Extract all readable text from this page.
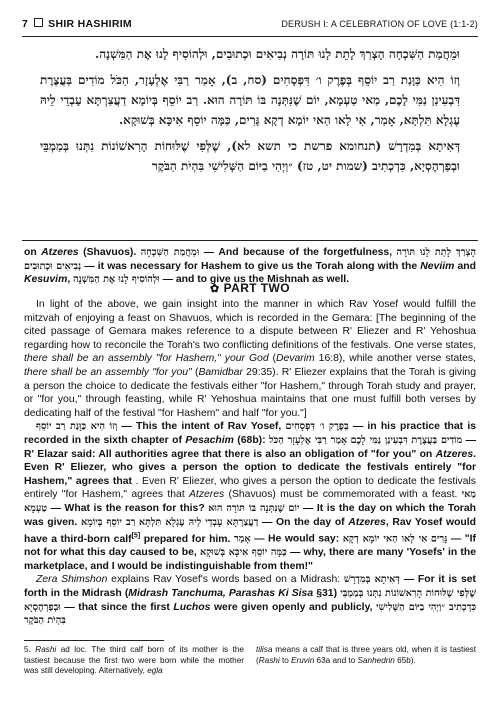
7 SHIR HASHIRIM	DERUSH I: A CELEBRATION OF LOVE (1:1-2)

וּמֵחֲמַת הַשִּׁכְחָה הָצְרַךְ לָתֵת לָנוּ תּוֹרָה נְבִיאִים וּכְתוּבִים, וּלְהוֹסִיף לָנוּ אֶת הַמִּשְׁנָה.

וְזוֹ הִיא כַּוָּנַת רַב יוֹסֵף בְּפֶרֶק ו׳ דִּפְסָחִים (סח, ב), אָמַר רַבִּי אֶלְעָזָר, הַכֹּל מוֹדִים בַּעֲצֶרֶת דִּבְעִינַן נַמִּי לָכֶם, מַאי טַעְמָא, יוֹם שֶׁנִּתְּנָה בּוֹ תּוֹרָה הוּא. רַב יוֹסֵף בְּיוֹמָא דַעֲצַרְתָּא עָבְדֵי לֵיהּ עֶגְלָא תִּלְתָּא, אָמַר, אִי לָאו הַאי יוֹמָא דְקָא גָּרִים, כַּמָּה יוֹסֵף אִיכָּא בְּשׁוּקָא.

דְּאִיתָא בְּמִדְרָשׁ (תנחומא פרשת כי תשא לא), שֶׁלְּפִי שֶׁלּוּחוֹת הָרִאשׁוֹנוֹת נִתְּנוּ בְּמַמְבֵּי וּבְפַרְהֶסְיָא, כִּדְכְתִיב (שמות יט, טז) ״וַיְהִי בַיּוֹם הַשְּׁלִישִׁי בִּהְיֹת הַבֹּקֶר

on Atzeres (Shavuos). וּמֵחֲמַת הַשִּׁכְחָה — And because of the forgetfulness, הָצְרַךְ לָתֵת לָנוּ תּוֹרָה נְבִיאִים וּכְתוּבִים — it was necessary for Hashem to give us the Torah along with the Neviim and Kesuvim, וּלְהוֹסִיף לָנוּ אֶת הַמִּשְׁנָה — and to give us the Mishnah as well.

✿ PART TWO

In light of the above, we gain insight into the manner in which Rav Yosef would fulfill the mitzvah of enjoying a feast on Shavuos, which is recorded in the Gemara: [The beginning of the cited passage of Gemara makes reference to a dispute between R' Eliezer and R' Yehoshua regarding how to reconcile the Torah's two conflicting definitions of the festivals. One verse states, there shall be an assembly "for Hashem," your God (Devarim 16:8), while another verse states, there shall be an assembly "for you" (Bamidbar 29:35). R' Eliezer explains that the Torah is giving a person the choice to dedicate the festivals either "for Hashem," through Torah study and prayer, or "for you," through feasting, while R' Yehoshua maintains that one must fulfill both verses by dedicating half of the festival "for Hashem" and half "for you."]

וְזוֹ הִיא כַּוָּנַת רַב יוֹסֵף — This the intent of Rav Yosef, בְּפֶרֶק ו׳ דִּפְסָחִים — in his practice that is recorded in the sixth chapter of Pesachim (68b): אָמַר רַבִּי אֶלְעָזָר הַכֹּל מוֹדִים בַּעֲצֶרֶת דִּבְעִינַן נַמִּי לָכֶם — R' Elazar said: All authorities agree that there is also an obligation of "for you" on Atzeres. Even R' Eliezer, who gives a person the option to dedicate the festivals entirely "for Hashem," agrees that . Even R' Eliezer, who gives a person the option to dedicate the festivals entirely "for Hashem," agrees that Atzeres (Shavuos) must be commemorated with a feast. מַאי טַעְמָא — What is the reason for this? יוֹם שֶׁנִּתְּנָה בּוֹ תּוֹרָה הוּא — It is the day on which the Torah was given. רַב יוֹסֵף בְּיוֹמָא דַעֲצַרְתָּא עָבְדֵי לֵיהּ עֶגְלָא תִּלְתָּא — On the day of Atzeres, Rav Yosef would have a third-born calf[5] prepared for him. אָמַר — He would say: אִי לָאו הַאי יוֹמָא דְקָא גָּרִים — "If not for what this day caused to be, כַּמָּה יוֹסֵף אִיכָּא בְּשׁוּקָא — why, there are many 'Yosefs' in the marketplace, and I would be indistinguishable from them!"

Zera Shimshon explains Rav Yosef's words based on a Midrash: דְּאִיתָא בְּמִדְרָשׁ — For it is set forth in the Midrash (Midrash Tanchuma, Parashas Ki Sisa §31) שֶׁלְּפִי שֶׁלּוּחוֹת הָרִאשׁוֹנוֹת נִתְּנוּ בְּמַמְבֵּי וּבְפַרְהֶסְיָא — that since the first Luchos were given openly and publicly, כִּדְכְתִיב ״וַיְהִי בַיּוֹם הַשְּׁלִישִׁי בִּהְיֹת הַבֹּקֶר

5. Rashi ad loc. The third calf born of its mother is the tastiest because the first two were born while the mother was still developing. Alternatively, egla
tilisa means a calf that is three years old, when it is tastiest (Rashi to Eruvin 63a and to Sanhedrin 65b).
